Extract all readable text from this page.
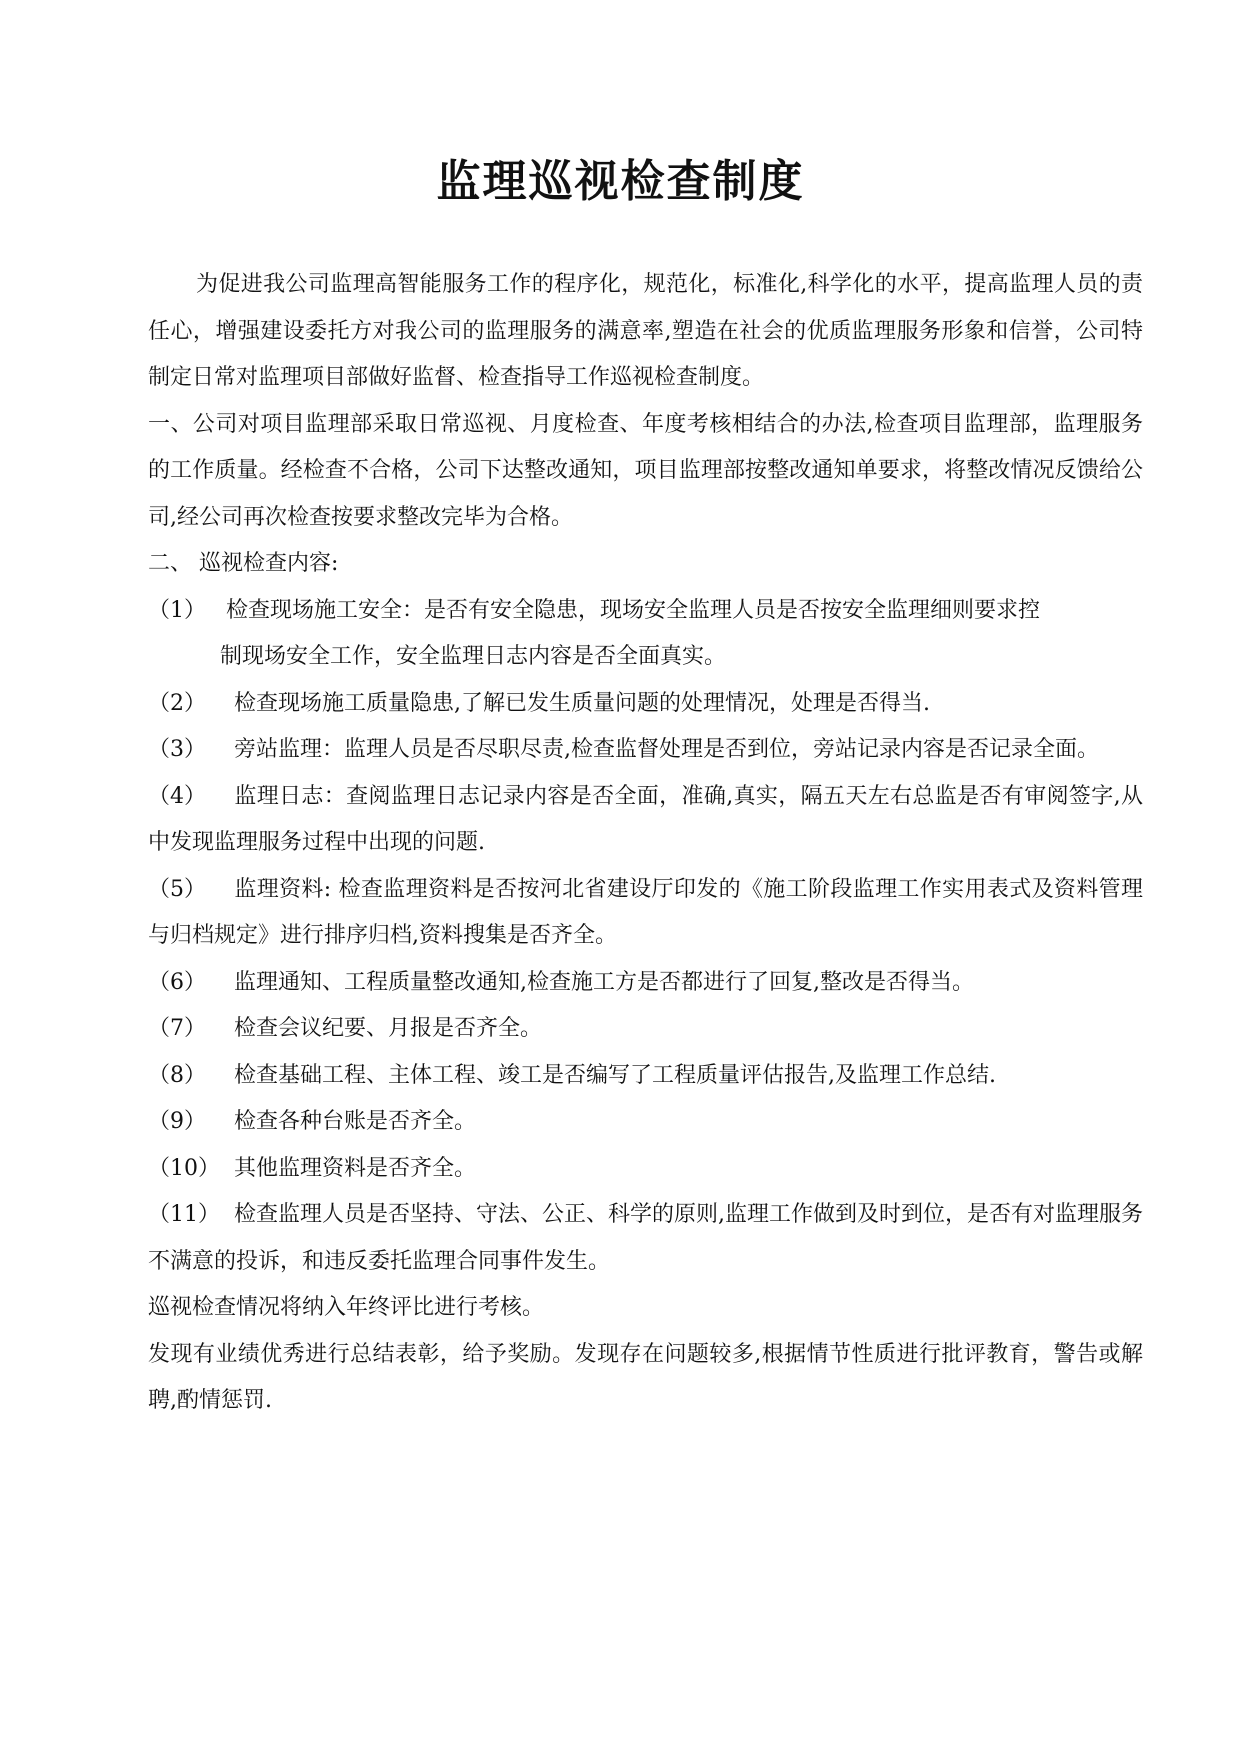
监理巡视检查制度

为促进我公司监理高智能服务工作的程序化，规范化，标准化,科学化的水平，提高监理人员的责任心，增强建设委托方对我公司的监理服务的满意率,塑造在社会的优质监理服务形象和信誉，公司特制定日常对监理项目部做好监督、检查指导工作巡视检查制度。

一、公司对项目监理部采取日常巡视、月度检查、年度考核相结合的办法,检查项目监理部，监理服务的工作质量。经检查不合格，公司下达整改通知，项目监理部按整改通知单要求，将整改情况反馈给公司,经公司再次检查按要求整改完毕为合格。

二、 巡视检查内容:

（1） 检查现场施工安全：是否有安全隐患，现场安全监理人员是否按安全监理细则要求控

制现场安全工作，安全监理日志内容是否全面真实。

（2） 检查现场施工质量隐患,了解已发生质量问题的处理情况，处理是否得当.

（3） 旁站监理：监理人员是否尽职尽责,检查监督处理是否到位，旁站记录内容是否记录全面。

（4） 监理日志：查阅监理日志记录内容是否全面，准确,真实，隔五天左右总监是否有审阅签字,从中发现监理服务过程中出现的问题.

（5） 监理资料: 检查监理资料是否按河北省建设厅印发的《施工阶段监理工作实用表式及资料管理与归档规定》进行排序归档,资料搜集是否齐全。

（6） 监理通知、工程质量整改通知,检查施工方是否都进行了回复,整改是否得当。

（7） 检查会议纪要、月报是否齐全。

（8） 检查基础工程、主体工程、竣工是否编写了工程质量评估报告,及监理工作总结.

（9） 检查各种台账是否齐全。

（10） 其他监理资料是否齐全。

（11） 检查监理人员是否坚持、守法、公正、科学的原则,监理工作做到及时到位，是否有对监理服务不满意的投诉，和违反委托监理合同事件发生。

巡视检查情况将纳入年终评比进行考核。

发现有业绩优秀进行总结表彰，给予奖励。发现存在问题较多,根据情节性质进行批评教育，警告或解聘,酌情惩罚.
